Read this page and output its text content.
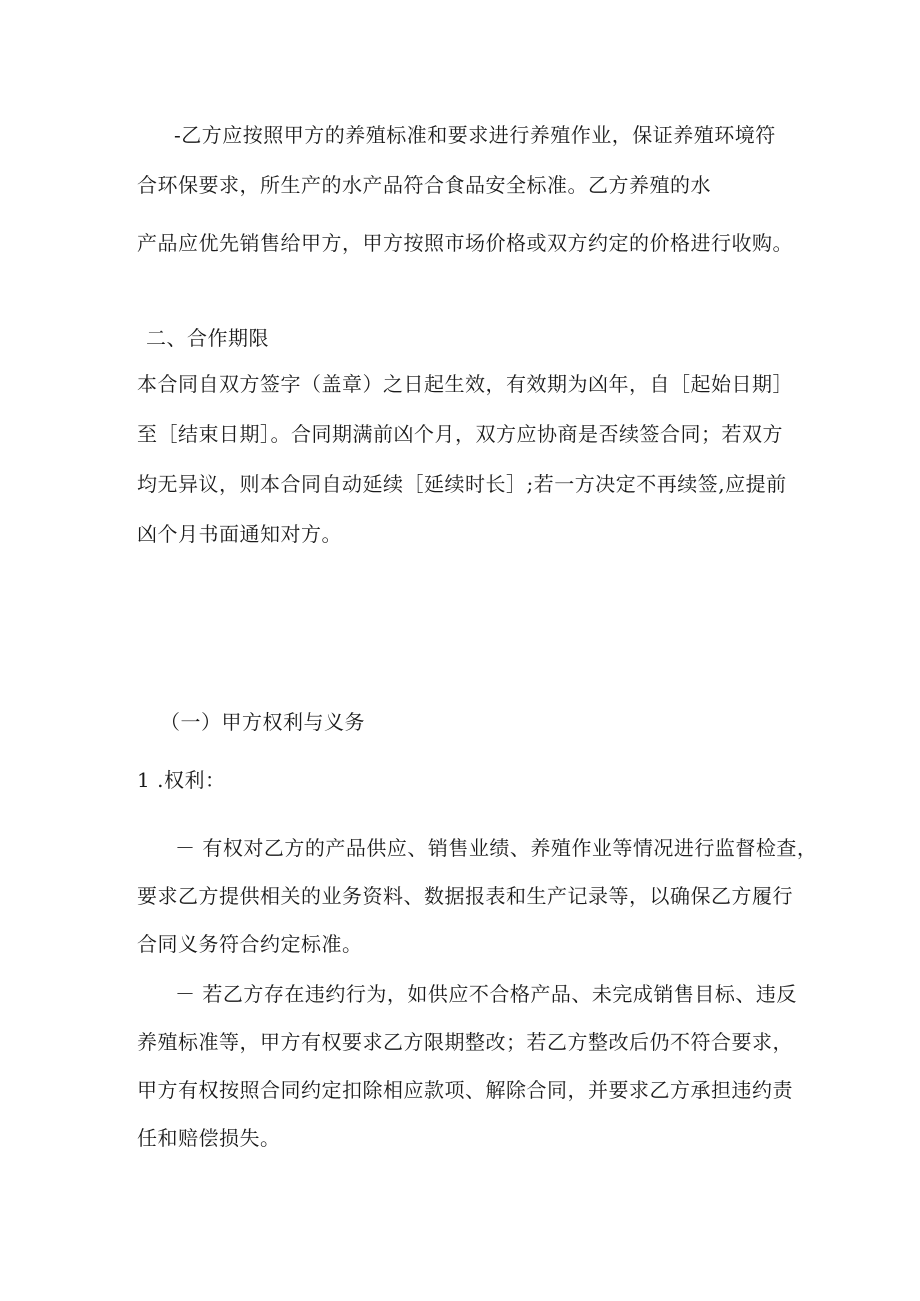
-乙方应按照甲方的养殖标准和要求进行养殖作业，保证养殖环境符
合环保要求，所生产的水产品符合食品安全标准。乙方养殖的水
产品应优先销售给甲方，甲方按照市场价格或双方约定的价格进行收购。
二、合作期限
本合同自双方签字（盖章）之日起生效，有效期为凶年，自［起始日期］
至［结束日期］。合同期满前凶个月，双方应协商是否续签合同；若双方
均无异议，则本合同自动延续［延续时长］;若一方决定不再续签,应提前
凶个月书面通知对方。
（一）甲方权利与义务
1 .权利：
－ 有权对乙方的产品供应、销售业绩、养殖作业等情况进行监督检查，
要求乙方提供相关的业务资料、数据报表和生产记录等，以确保乙方履行
合同义务符合约定标准。
－ 若乙方存在违约行为，如供应不合格产品、未完成销售目标、违反
养殖标准等，甲方有权要求乙方限期整改；若乙方整改后仍不符合要求，
甲方有权按照合同约定扣除相应款项、解除合同，并要求乙方承担违约责
任和赔偿损失。
